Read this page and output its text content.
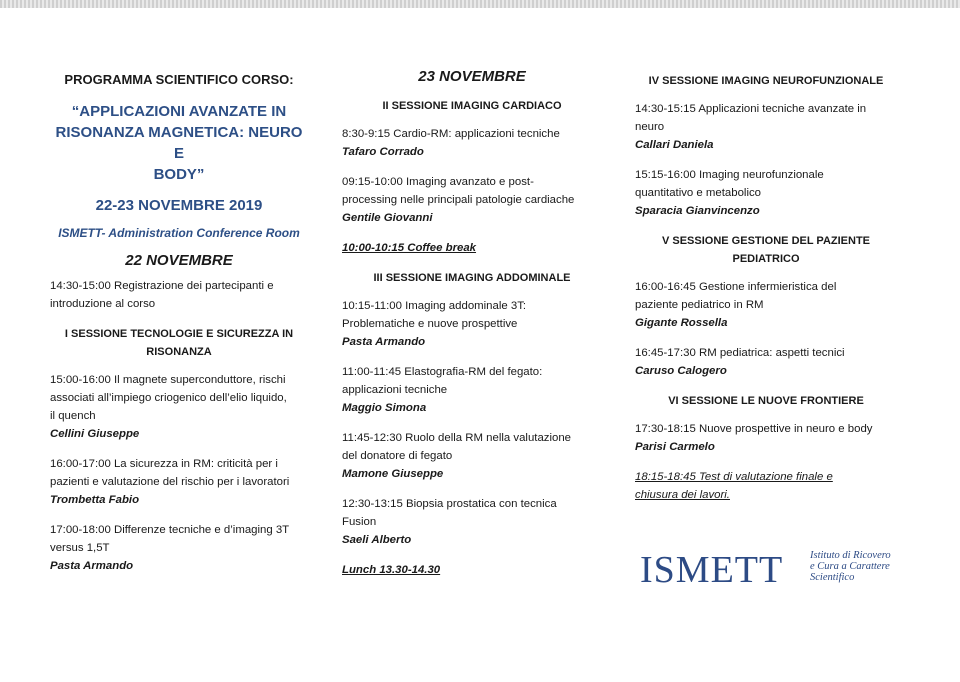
PROGRAMMA SCIENTIFICO CORSO:
“APPLICAZIONI AVANZATE IN
RISONANZA MAGNETICA: NEURO E
BODY”
22-23 NOVEMBRE 2019
ISMETT- Administration Conference Room
22 NOVEMBRE
14:30-15:00 Registrazione dei partecipanti e
introduzione al corso
I SESSIONE TECNOLOGIE E SICUREZZA IN
RISONANZA
15:00-16:00 Il magnete superconduttore, rischi
associati all’impiego criogenico dell’elio liquido,
il quench
Cellini Giuseppe
16:00-17:00 La sicurezza in RM: criticità per i
pazienti e valutazione del rischio per i lavoratori
Trombetta Fabio
17:00-18:00 Differenze tecniche e d’imaging 3T
versus 1,5T
Pasta Armando
23 NOVEMBRE
II SESSIONE IMAGING CARDIACO
8:30-9:15 Cardio-RM: applicazioni tecniche
Tafaro Corrado
09:15-10:00 Imaging avanzato e post-
processing nelle principali patologie cardiache
Gentile Giovanni
10:00-10:15 Coffee break
III SESSIONE IMAGING ADDOMINALE
10:15-11:00 Imaging addominale 3T:
Problematiche e nuove prospettive
Pasta Armando
11:00-11:45 Elastografia-RM del fegato:
applicazioni tecniche
Maggio Simona
11:45-12:30 Ruolo della RM nella valutazione
del donatore di fegato
Mamone Giuseppe
12:30-13:15 Biopsia prostatica con tecnica
Fusion
Saeli Alberto
Lunch 13.30-14.30
IV SESSIONE IMAGING NEUROFUNZIONALE
14:30-15:15 Applicazioni tecniche avanzate in
neuro
Callari Daniela
15:15-16:00 Imaging neurofunzionale
quantitativo e metabolico
Sparacia Gianvincenzo
V SESSIONE GESTIONE DEL PAZIENTE
PEDIATRICO
16:00-16:45 Gestione infermieristica del
paziente pediatrico in RM
Gigante Rossella
16:45-17:30 RM pediatrica: aspetti tecnici
Caruso Calogero
VI SESSIONE LE NUOVE FRONTIERE
17:30-18:15 Nuove prospettive in neuro e body
Parisi Carmelo
18:15-18:45 Test di valutazione finale e
chiusura dei lavori.
ISMETT	Istituto di Ricovero
e Cura a Carattere
Scientifico
